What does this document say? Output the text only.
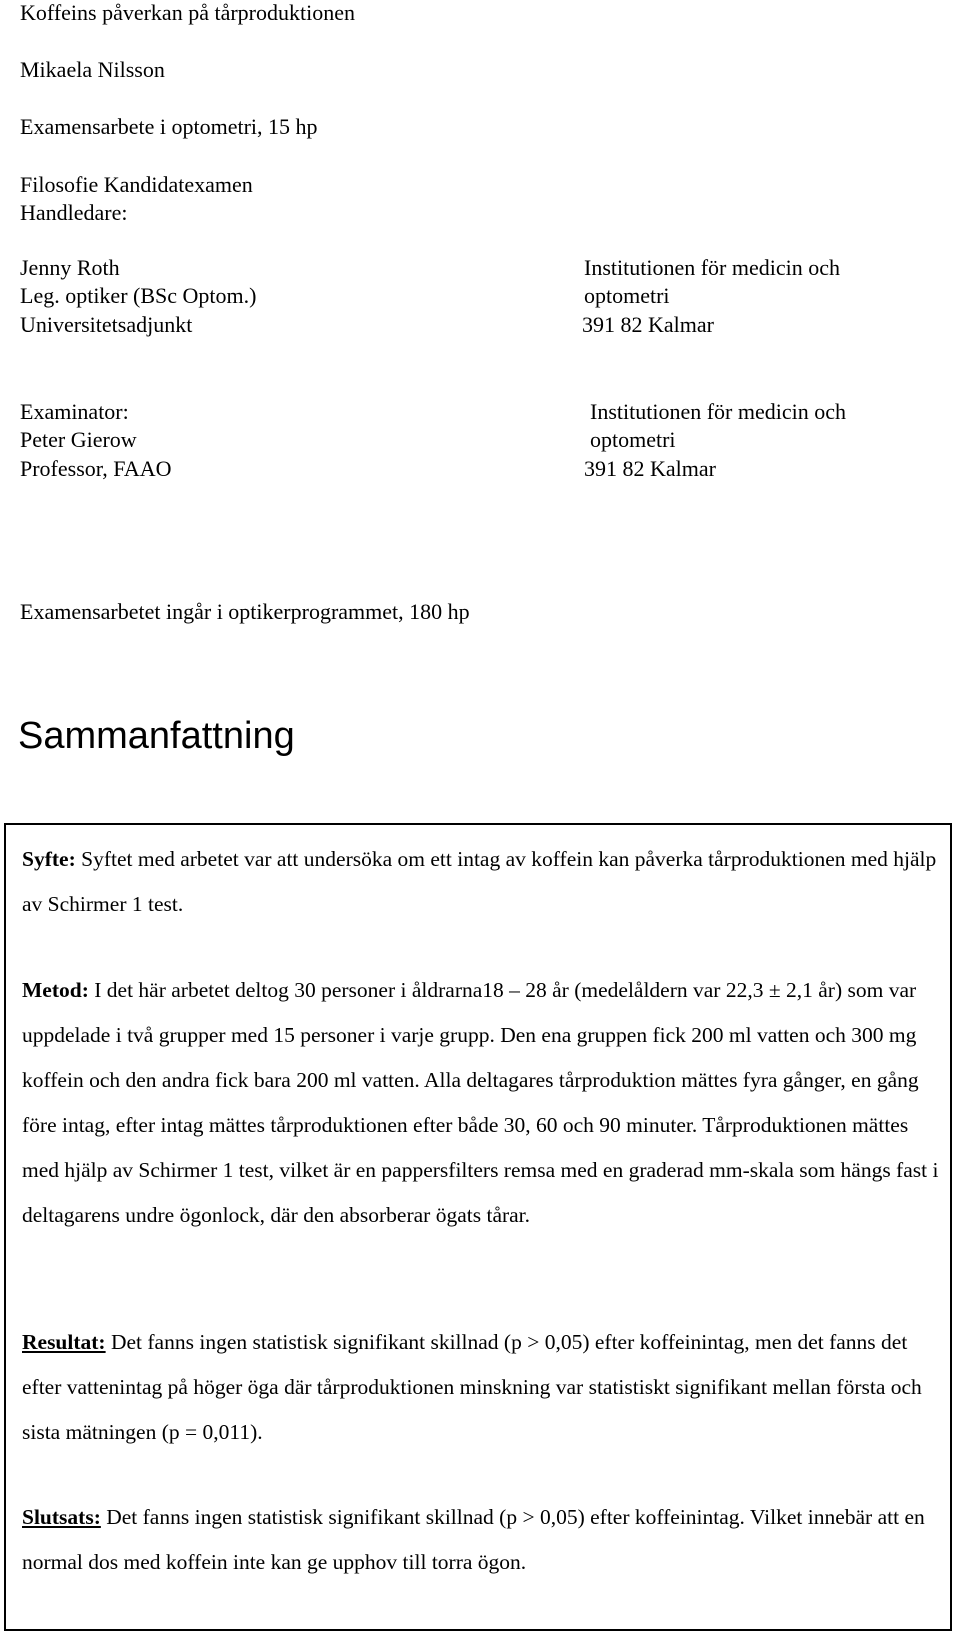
Koffeins påverkan på tårproduktionen
Mikaela Nilsson
Examensarbete i optometri, 15 hp
Filosofie Kandidatexamen
Handledare:
Jenny Roth
Leg. optiker (BSc Optom.)
Universitetsadjunkt
Institutionen för medicin och
optometri
391 82 Kalmar
Examinator:
Peter Gierow
Professor, FAAO
Institutionen för medicin och
optometri
391 82 Kalmar
Examensarbetet ingår i optikerprogrammet, 180 hp
Sammanfattning
Syfte: Syftet med arbetet var att undersöka om ett intag av koffein kan påverka tårproduktionen med hjälp av Schirmer 1 test.
Metod: I det här arbetet deltog 30 personer i åldrarna18 – 28 år (medelåldern var 22,3 ± 2,1 år) som var uppdelade i två grupper med 15 personer i varje grupp. Den ena gruppen fick 200 ml vatten och 300 mg koffein och den andra fick bara 200 ml vatten. Alla deltagares tårproduktion mättes fyra gånger, en gång före intag, efter intag mättes tårproduktionen efter både 30, 60 och 90 minuter. Tårproduktionen mättes med hjälp av Schirmer 1 test, vilket är en pappersfilters remsa med en graderad mm-skala som hängs fast i deltagarens undre ögonlock, där den absorberar ögats tårar.
Resultat: Det fanns ingen statistisk signifikant skillnad (p > 0,05) efter koffeinintag, men det fanns det efter vattenintag på höger öga där tårproduktionen minskning var statistiskt signifikant mellan första och sista mätningen (p = 0,011).
Slutsats: Det fanns ingen statistisk signifikant skillnad (p > 0,05) efter koffeinintag. Vilket innebär att en normal dos med koffein inte kan ge upphov till torra ögon.
